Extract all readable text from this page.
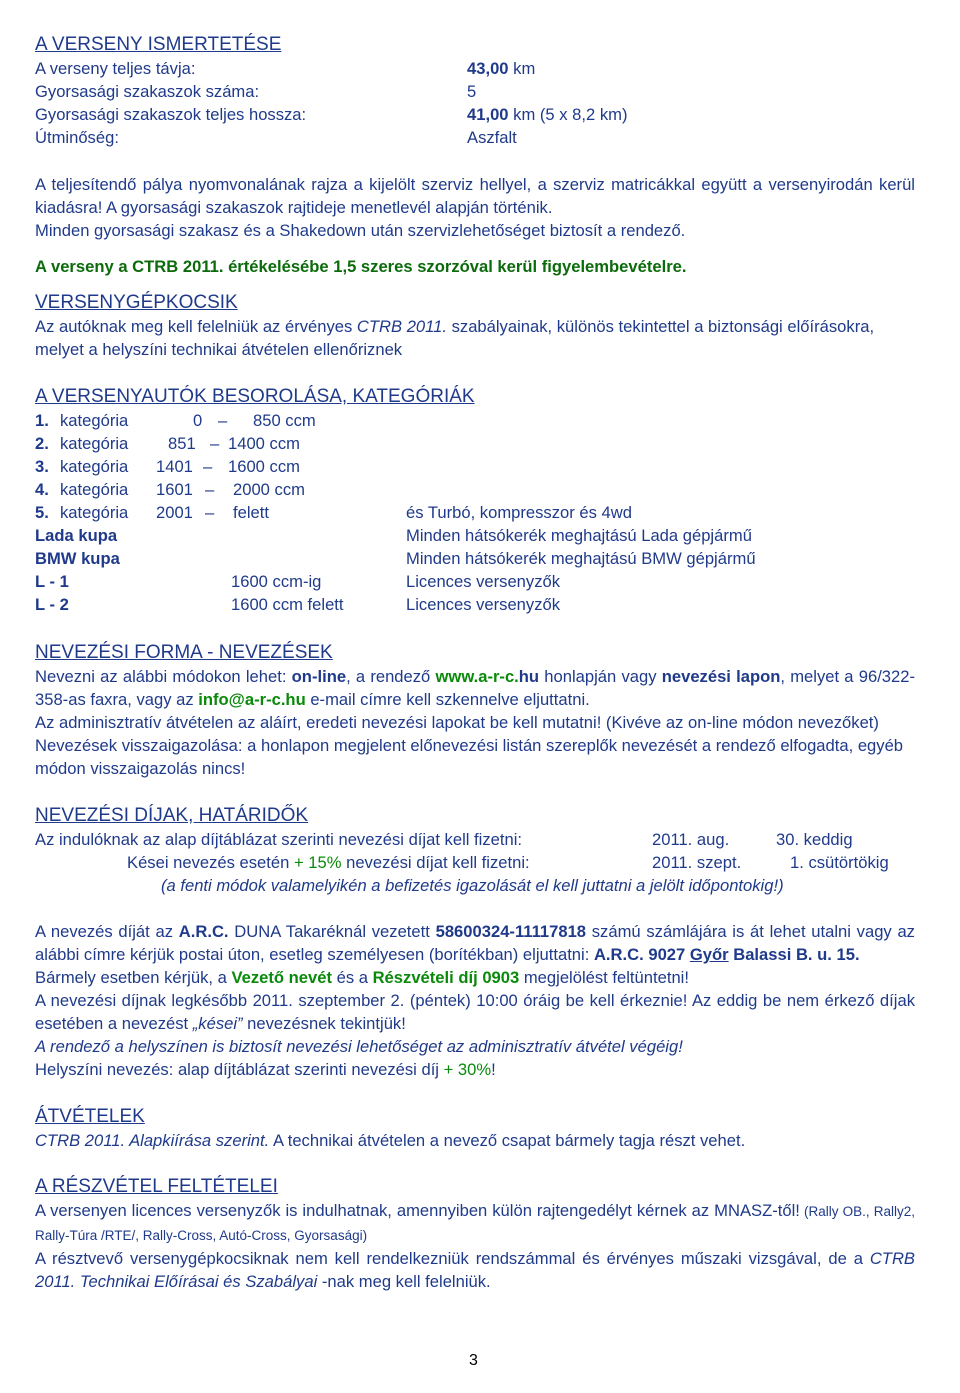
A VERSENY ISMERTETÉSE
A verseny teljes távja:	43,00 km
Gyorsasági szakaszok száma:	5
Gyorsasági szakaszok teljes hossza:	41,00 km (5 x 8,2 km)
Útminőség:	Aszfalt

A teljesítendő pálya nyomvonalának rajza a kijelölt szerviz hellyel, a szerviz matricákkal együtt a versenyirodán kerül kiadásra! A gyorsasági szakaszok rajtideje menetlevél alapján történik.

Minden gyorsasági szakasz és a Shakedown után szervizlehetőséget biztosít a rendező.

A verseny a CTRB 2011. értékelésébe 1,5 szeres szorzóval kerül figyelembevételre.

VERSENYGÉPKOCSIK

Az autóknak meg kell felelniük az érvényes CTRB 2011. szabályainak, különös tekintettel a biztonsági előírásokra, melyet a helyszíni technikai átvételen ellenőriznek

A VERSENYAUTÓK BESOROLÁSA, KATEGÓRIÁK
1. kategória	0 – 850 ccm
2. kategória 851 – 1400 ccm
3. kategória 1401 – 1600 ccm
4. kategória 1601 – 2000 ccm
5. kategória 2001 – felett	és Turbó, kompresszor és 4wd
Lada kupa	Minden hátsókerék meghajtású Lada gépjármű
BMW kupa	Minden hátsókerék meghajtású BMW gépjármű
L - 1	1600 ccm-ig	Licences versenyzők
L - 2	1600 ccm felett	Licences versenyzők
NEVEZÉSI FORMA - NEVEZÉSEK

Nevezni az alábbi módokon lehet: on-line, a rendező www.a-r-c.hu honlapján vagy nevezési lapon, melyet a 96/322-358-as faxra, vagy az info@a-r-c.hu e-mail címre kell szkennelve eljuttatni.

Az adminisztratív átvételen az aláírt, eredeti nevezési lapokat be kell mutatni! (Kivéve az on-line módon nevezőket)

Nevezések visszaigazolása: a honlapon megjelent előnevezési listán szereplők nevezését a rendező elfogadta, egyéb módon visszaigazolás nincs!

NEVEZÉSI DÍJAK, HATÁRIDŐK
Az indulóknak az alap díjtáblázat szerinti nevezési díjat kell fizetni:	2011. aug.	30. keddig
Kései nevezés esetén + 15% nevezési díjat kell fizetni:	2011. szept.	1. csütörtökig

(a fenti módok valamelyikén a befizetés igazolását el kell juttatni a jelölt időpontokig!)

A nevezés díját az A.R.C. DUNA Takaréknál vezetett 58600324-11117818 számú számlájára is át lehet utalni vagy az alábbi címre kérjük postai úton, esetleg személyesen (borítékban) eljuttatni: A.R.C. 9027 Győr Balassi B. u. 15.

Bármely esetben kérjük, a Vezető nevét és a Részvételi díj 0903 megjelölést feltüntetni!

A nevezési díjnak legkésőbb 2011. szeptember 2. (péntek) 10:00 óráig be kell érkeznie! Az eddig be nem érkező díjak esetében a nevezést „kései” nevezésnek tekintjük!

A rendező a helyszínen is biztosít nevezési lehetőséget az adminisztratív átvétel végéig!

Helyszíni nevezés: alap díjtáblázat szerinti nevezési díj + 30%!

ÁTVÉTELEK

CTRB 2011. Alapkiírása szerint. A technikai átvételen a nevező csapat bármely tagja részt vehet.

A RÉSZVÉTEL FELTÉTELEI

A versenyen licences versenyzők is indulhatnak, amennyiben külön rajtengedélyt kérnek az MNASZ-től! (Rally OB., Rally2, Rally-Túra /RTE/, Rally-Cross, Autó-Cross, Gyorsasági)

A résztvevő versenygépkocsiknak nem kell rendelkezniük rendszámmal és érvényes műszaki vizsgával, de a CTRB 2011. Technikai Előírásai és Szabályai -nak meg kell felelniük.

3
